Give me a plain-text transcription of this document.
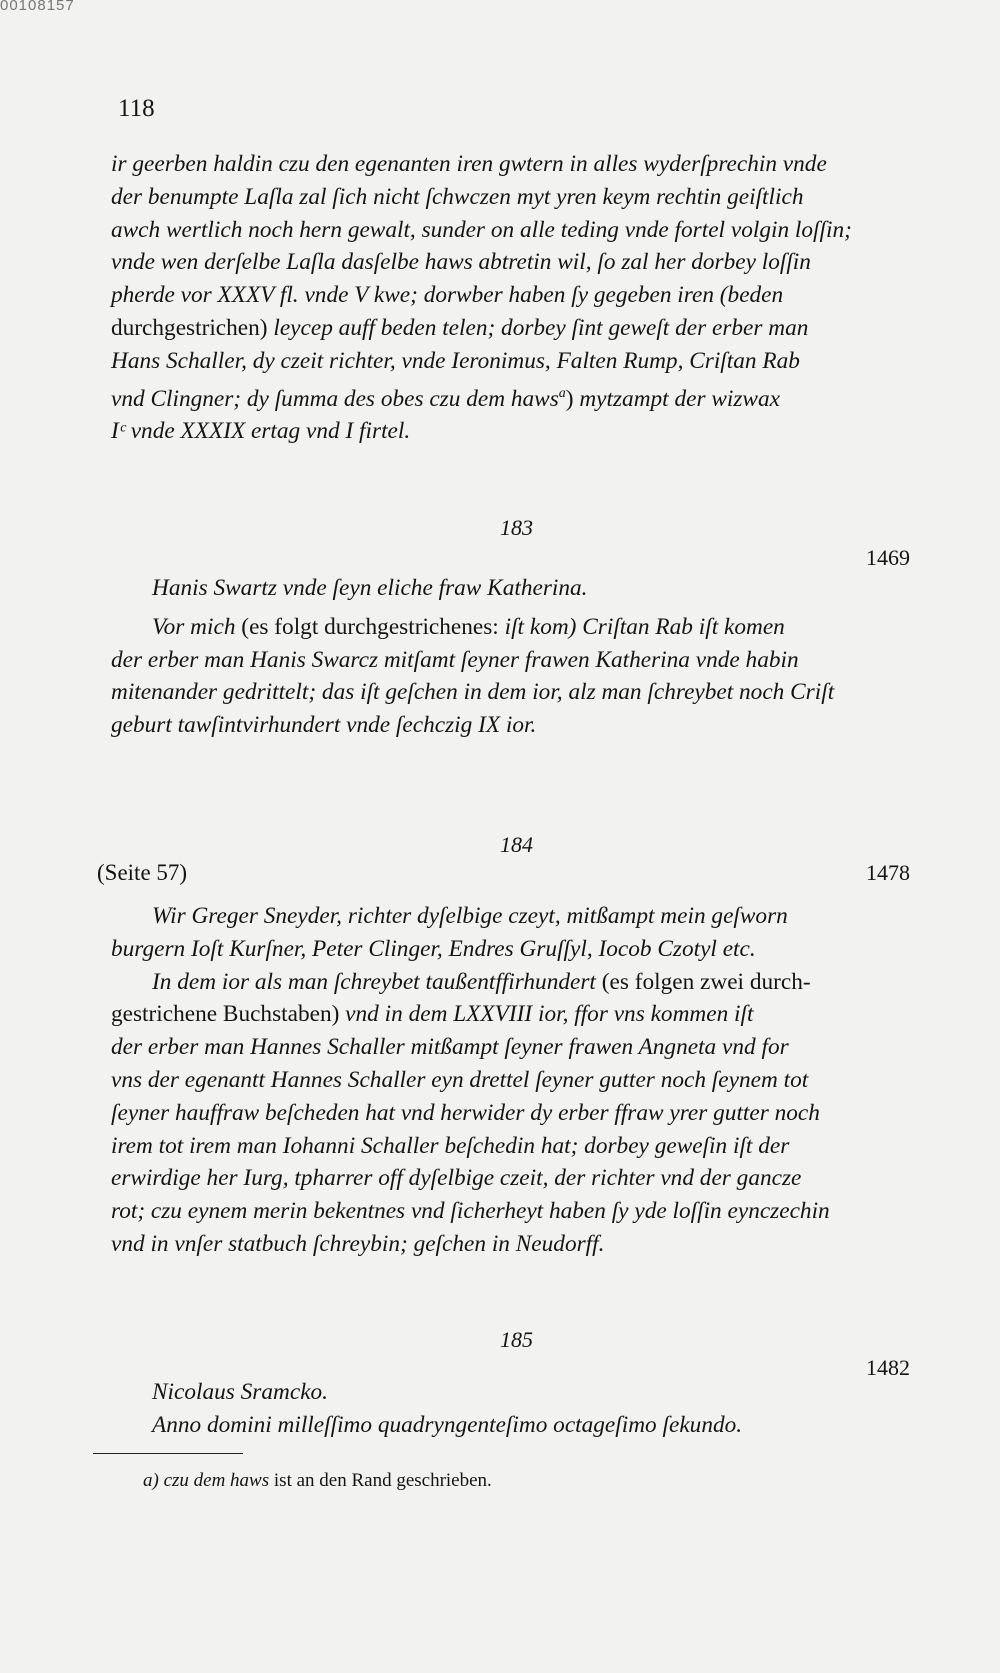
00108157
118
ir geerben haldin czu den egenanten iren gwtern in alles wyderſprechin vnde
der benumpte Laſla zal ſich nicht ſchwczen myt yren keym rechtin geiſtlich
awch wertlich noch hern gewalt, sunder on alle teding vnde fortel volgin loſſin;
vnde wen derſelbe Laſla dasſelbe haws abtretin wil, ſo zal her dorbey loſſin
pherde vor XXXV fl. vnde V kwe; dorwber haben ſy gegeben iren (beden
durchgestrichen) leycep auff beden telen; dorbey ſint geweſt der erber man
Hans Schaller, dy czeit richter, vnde Ieronimus, Falten Rump, Criſtan Rab
vnd Clingner; dy ſumma des obes czu dem haws$^a$) mytzampt der wizwax
Iᶜ vnde XXXIX ertag vnd I firtel.
183
1469
Hanis Swartz vnde ſeyn eliche fraw Katherina.
Vor mich (es folgt durchgestrichenes: iſt kom) Criſtan Rab iſt komen
der erber man Hanis Swarcz mitſamt ſeyner frawen Katherina vnde habin
mitenander gedrittelt; das iſt geſchen in dem ior, alz man ſchreybet noch Criſt
geburt tawſintvirhundert vnde ſechczig IX ior.
184
(Seite 57)	1478
Wir Greger Sneyder, richter dyſelbige czeyt, mitßampt mein geſworn
burgern Ioſt Kurſner, Peter Clinger, Endres Gruſſyl, Iocob Czotyl etc.
In dem ior als man ſchreybet taußentffirhundert (es folgen zwei durch-
gestrichene Buchstaben) vnd in dem LXXVIII ior, ffor vns kommen iſt
der erber man Hannes Schaller mitßampt ſeyner frawen Angneta vnd for
vns der egenantt Hannes Schaller eyn drettel ſeyner gutter noch ſeynem tot
ſeyner hauffraw beſcheden hat vnd herwider dy erber ffraw yrer gutter noch
irem tot irem man Iohanni Schaller beſchedin hat; dorbey geweſin iſt der
erwirdige her Iurg, tpharrer off dyſelbige czeit, der richter vnd der gancze
rot; czu eynem merin bekentnes vnd ſicherheyt haben ſy yde loſſin eynczechin
vnd in vnſer statbuch ſchreybin; geſchen in Neudorff.
185
1482
Nicolaus Sramcko.
Anno domini milleſſimo quadryngenteſimo octageſimo ſekundo.
a) czu dem haws ist an den Rand geschrieben.
